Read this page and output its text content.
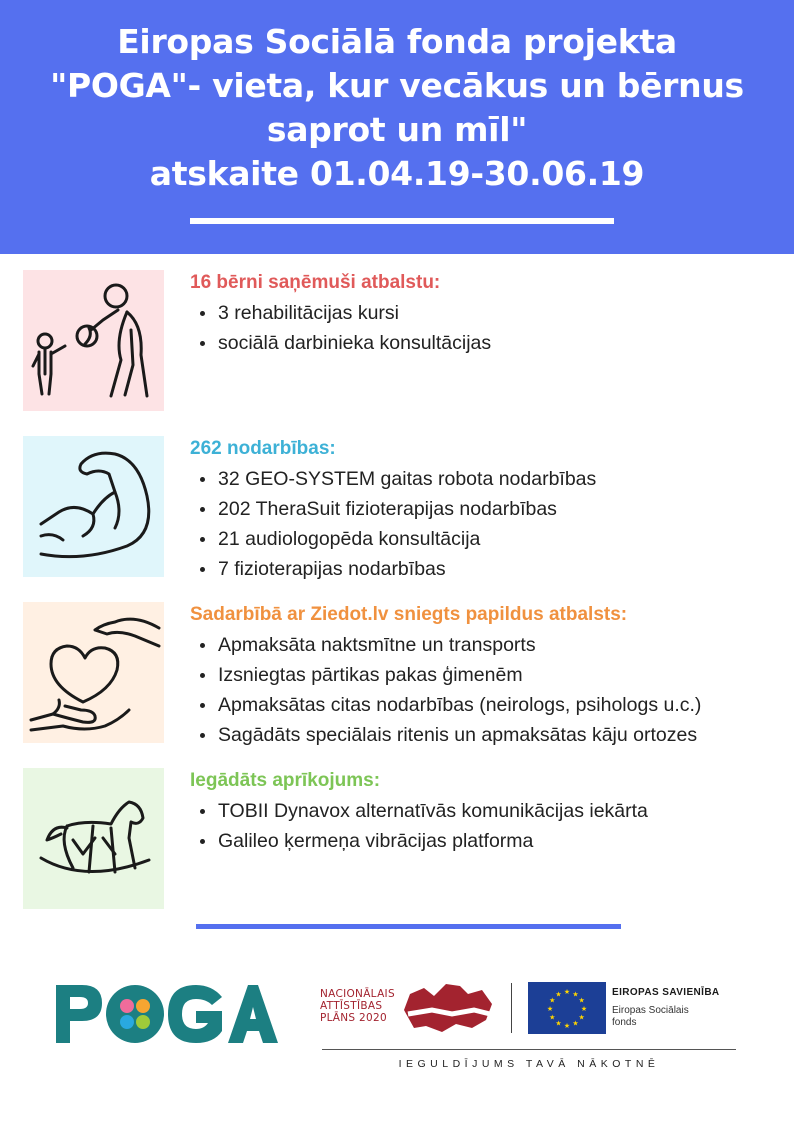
Eiropas Sociālā fonda projekta
"POGA"- vieta, kur vecākus un bērnus
saprot un mīl"
atskaite 01.04.19-30.06.19
16 bērni saņēmuši atbalstu:
3 rehabilitācijas kursi
sociālā darbinieka konsultācijas
262 nodarbības:
32 GEO-SYSTEM gaitas robota nodarbības
202 TheraSuit fizioterapijas nodarbības
21 audiologopēda konsultācija
7 fizioterapijas nodarbības
Sadarbībā ar Ziedot.lv sniegts papildus atbalsts:
Apmaksāta naktsmītne un transports
Izsniegtas pārtikas pakas ģimenēm
Apmaksātas citas nodarbības (neirologs, psihologs u.c.)
Sagādāts speciālais ritenis un apmaksātas kāju ortozes
Iegādāts aprīkojums:
TOBII Dynavox alternatīvās komunikācijas iekārta
Galileo ķermeņa vibrācijas platforma
NACIONĀLAIS
ATTĪSTĪBAS
PLĀNS 2020
★ ★
★
★
★
★
★
★
★
★
★
★	EIROPAS SAVIENĪBA
Eiropas Sociālais
fonds
IEGULDĪJUMS TAVĀ NĀKOTNĒ
